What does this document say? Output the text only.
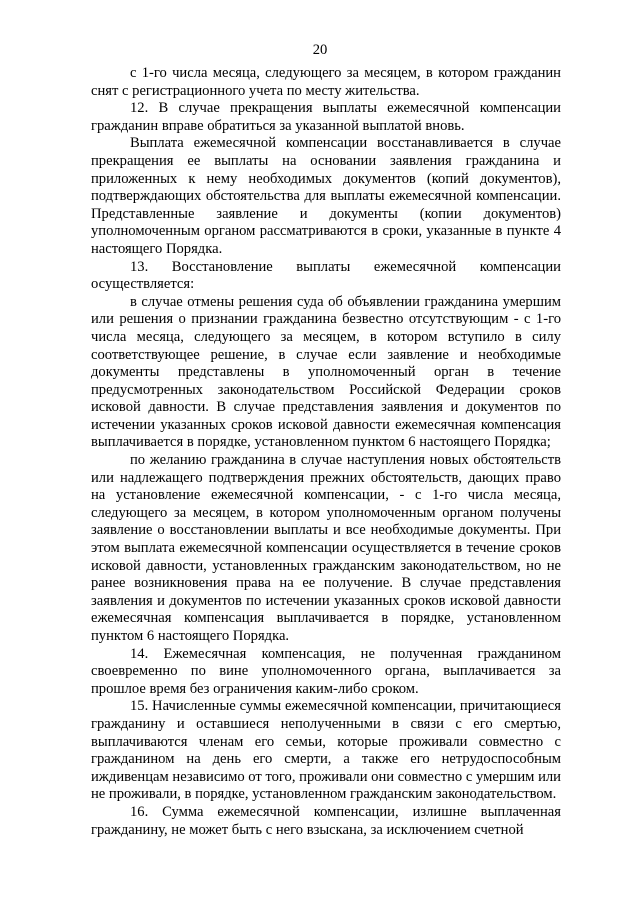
20

с 1-го числа месяца, следующего за месяцем, в котором гражданин снят с регистрационного учета по месту жительства.

12. В случае прекращения выплаты ежемесячной компенсации гражданин вправе обратиться за указанной выплатой вновь.

Выплата ежемесячной компенсации восстанавливается в случае прекращения ее выплаты на основании заявления гражданина и приложенных к нему необходимых документов (копий документов), подтверждающих обстоятельства для выплаты ежемесячной компенсации. Представленные заявление и документы (копии документов) уполномоченным органом рассматриваются в сроки, указанные в пункте 4 настоящего Порядка.

13. Восстановление выплаты ежемесячной компенсации осуществляется:

в случае отмены решения суда об объявлении гражданина умершим или решения о признании гражданина безвестно отсутствующим - с 1-го числа месяца, следующего за месяцем, в котором вступило в силу соответствующее решение, в случае если заявление и необходимые документы представлены в уполномоченный орган в течение предусмотренных законодательством Российской Федерации сроков исковой давности. В случае представления заявления и документов по истечении указанных сроков исковой давности ежемесячная компенсация выплачивается в порядке, установленном пунктом 6 настоящего Порядка;

по желанию гражданина в случае наступления новых обстоятельств или надлежащего подтверждения прежних обстоятельств, дающих право на установление ежемесячной компенсации, - с 1-го числа месяца, следующего за месяцем, в котором уполномоченным органом получены заявление о восстановлении выплаты и все необходимые документы. При этом выплата ежемесячной компенсации осуществляется в течение сроков исковой давности, установленных гражданским законодательством, но не ранее возникновения права на ее получение. В случае представления заявления и документов по истечении указанных сроков исковой давности ежемесячная компенсация выплачивается в порядке, установленном пунктом 6 настоящего Порядка.

14. Ежемесячная компенсация, не полученная гражданином своевременно по вине уполномоченного органа, выплачивается за прошлое время без ограничения каким-либо сроком.

15. Начисленные суммы ежемесячной компенсации, причитающиеся гражданину и оставшиеся неполученными в связи с его смертью, выплачиваются членам его семьи, которые проживали совместно с гражданином на день его смерти, а также его нетрудоспособным иждивенцам независимо от того, проживали они совместно с умершим или не проживали, в порядке, установленном гражданским законодательством.

16. Сумма ежемесячной компенсации, излишне выплаченная гражданину, не может быть с него взыскана, за исключением счетной
